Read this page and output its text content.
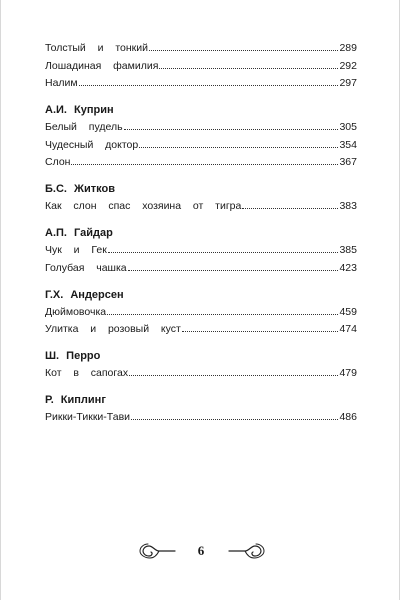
Толстый  и  тонкий	289
Лошадиная  фамилия	292
Налим	297
А.И. Куприн
Белый  пудель	305
Чудесный  доктор	354
Слон	367
Б.С. Житков
Как  слон  спас  хозяина  от  тигра	383
А.П. Гайдар
Чук  и  Гек	385
Голубая  чашка	423
Г.Х. Андерсен
Дюймовочка	459
Улитка  и  розовый  куст	474
Ш. Перро
Кот  в  сапогах	479
Р. Киплинг
Рикки-Тикки-Тави	486
6
